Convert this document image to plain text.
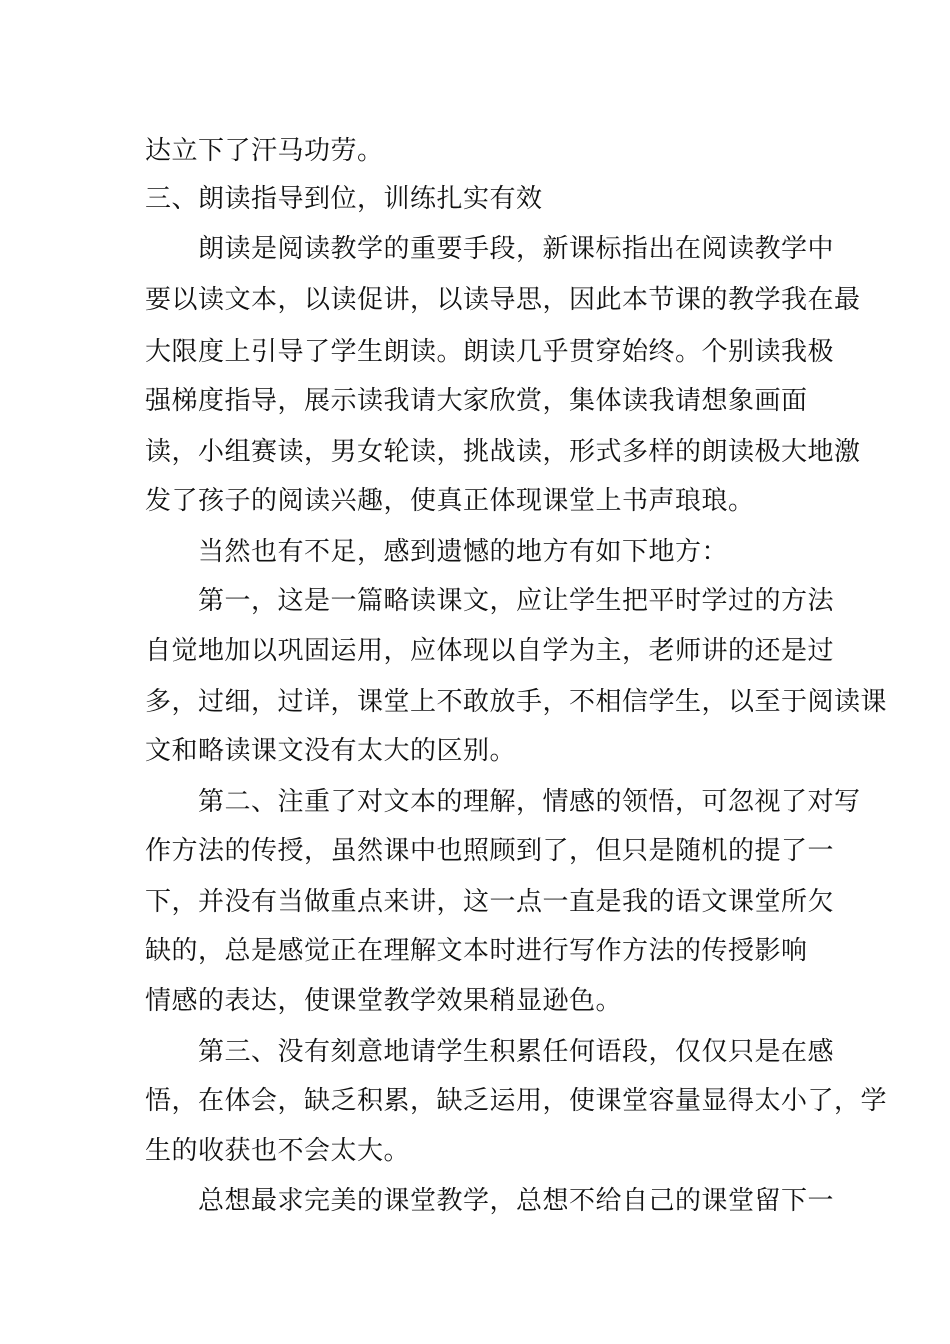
达立下了汗马功劳。
三、朗读指导到位，训练扎实有效
　　朗读是阅读教学的重要手段，新课标指出在阅读教学中
要以读文本，以读促讲，以读导思，因此本节课的教学我在最
大限度上引导了学生朗读。朗读几乎贯穿始终。个别读我极
强梯度指导，展示读我请大家欣赏，集体读我请想象画面
读，小组赛读，男女轮读，挑战读，形式多样的朗读极大地激
发了孩子的阅读兴趣，使真正体现课堂上书声琅琅。
　　当然也有不足，感到遗憾的地方有如下地方：
　　第一，这是一篇略读课文，应让学生把平时学过的方法
自觉地加以巩固运用，应体现以自学为主，老师讲的还是过
多，过细，过详，课堂上不敢放手，不相信学生，以至于阅读课
文和略读课文没有太大的区别。
　　第二、注重了对文本的理解，情感的领悟，可忽视了对写
作方法的传授，虽然课中也照顾到了，但只是随机的提了一
下，并没有当做重点来讲，这一点一直是我的语文课堂所欠
缺的，总是感觉正在理解文本时进行写作方法的传授影响
情感的表达，使课堂教学效果稍显逊色。
　　第三、没有刻意地请学生积累任何语段，仅仅只是在感
悟，在体会，缺乏积累，缺乏运用，使课堂容量显得太小了，学
生的收获也不会太大。
　　总想最求完美的课堂教学，总想不给自己的课堂留下一
